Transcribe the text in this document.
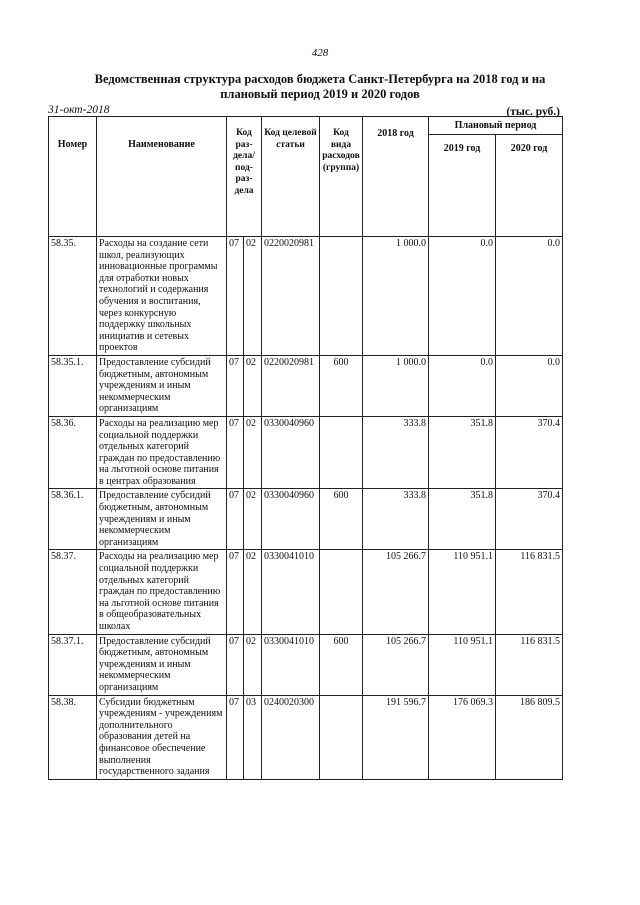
428
Ведомственная структура расходов бюджета Санкт-Петербурга на 2018 год и на плановый период 2019 и 2020 годов
31-окт-2018	(тыс. руб.)
Номер	Наименование	Код раз-дела/ под-раз-дела		Код целевой статьи	Код вида расходов (группа)	2018 год	Плановый период	
							2019 год	2020 год
58.35.	Расходы на создание сети школ, реализующих инновационные программы для отработки новых технологий и содержания обучения и воспитания, через конкурсную поддержку школьных инициатив и сетевых проектов	07	02	0220020981		1 000.0	0.0	0.0
58.35.1.	Предоставление субсидий бюджетным, автономным учреждениям и иным некоммерческим организациям	07	02	0220020981	600	1 000.0	0.0	0.0
58.36.	Расходы на реализацию мер социальной поддержки отдельных категорий граждан по предоставлению на льготной основе питания в центрах образования	07	02	0330040960		333.8	351.8	370.4
58.36.1.	Предоставление субсидий бюджетным, автономным учреждениям и иным некоммерческим организациям	07	02	0330040960	600	333.8	351.8	370.4
58.37.	Расходы на реализацию мер социальной поддержки отдельных категорий граждан по предоставлению на льготной основе питания в общеобразовательных школах	07	02	0330041010		105 266.7	110 951.1	116 831.5
58.37.1.	Предоставление субсидий бюджетным, автономным учреждениям и иным некоммерческим организациям	07	02	0330041010	600	105 266.7	110 951.1	116 831.5
58.38.	Субсидии бюджетным учреждениям - учреждениям дополнительного образования детей на финансовое обеспечение выполнения государственного задания	07	03	0240020300		191 596.7	176 069.3	186 809.5
